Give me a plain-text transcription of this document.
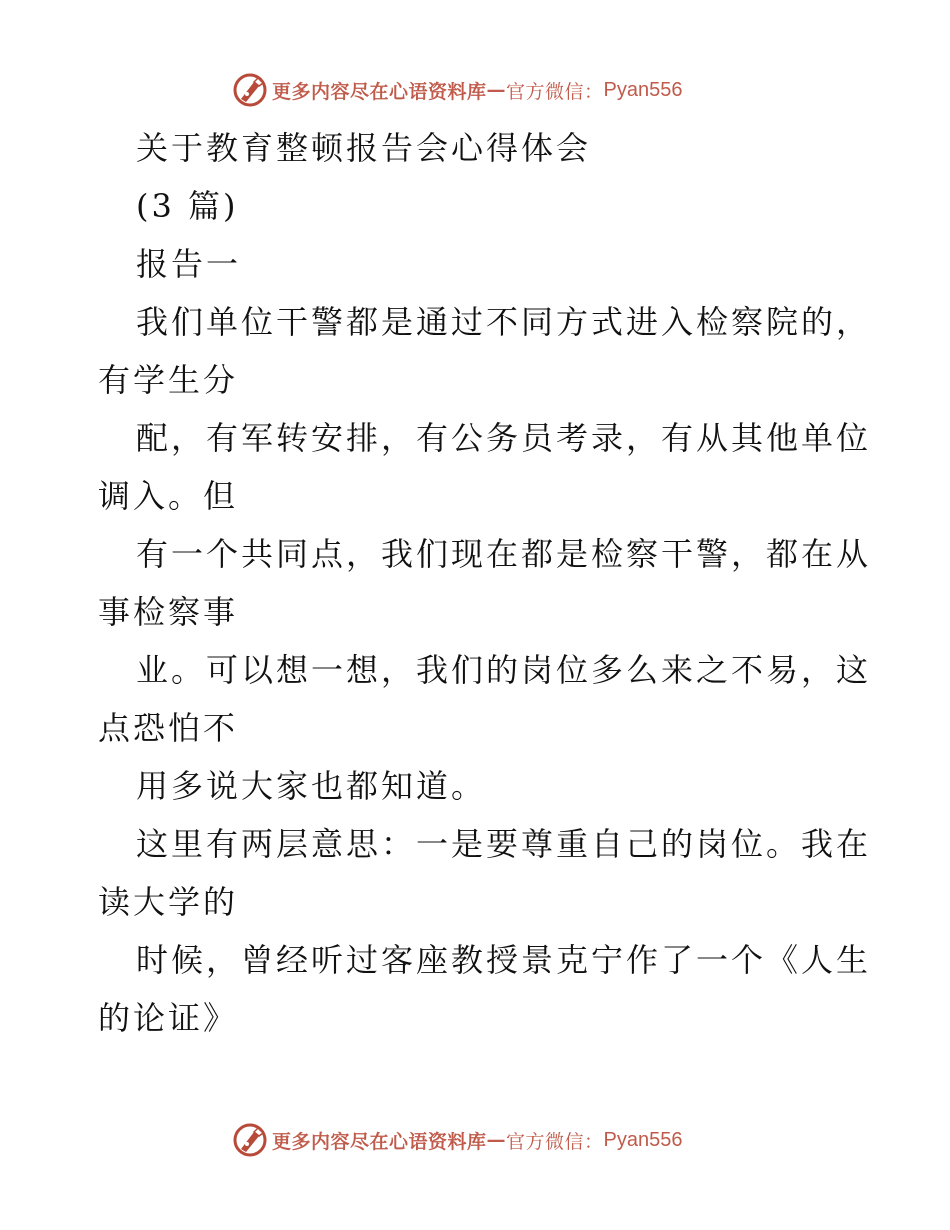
更多内容尽在心语资料库 — 官方微信： Pyan556

关于教育整顿报告会心得体会

(3 篇)

报告一

我们单位干警都是通过不同方式进入检察院的，

有学生分

配，有军转安排，有公务员考录，有从其他单位

调入。但

有一个共同点，我们现在都是检察干警，都在从

事检察事

业。可以想一想，我们的岗位多么来之不易，这

点恐怕不

用多说大家也都知道。

这里有两层意思：一是要尊重自己的岗位。我在

读大学的

时候，曾经听过客座教授景克宁作了一个《人生

的论证》

更多内容尽在心语资料库 — 官方微信： Pyan556
